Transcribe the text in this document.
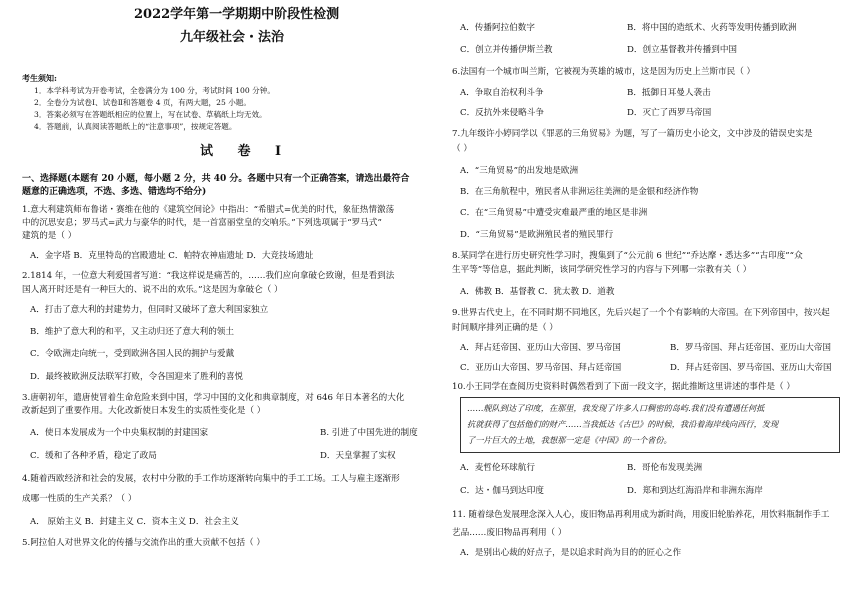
2022学年第一学期期中阶段性检测
九年级社会・法治
考生须知:
1．本学科考试为开卷考试，全卷满分为 100 分，考试时间 100 分钟。
2．全卷分为试卷Ⅰ、试卷Ⅱ和答题卷 4 页，有两大题，25 小题。
3．答案必须写在答题纸相应的位置上，写在试卷、草稿纸上均无效。
4．答题前，认真阅读答题纸上的“注意事项”，按规定答题。
试 卷 Ⅰ
一、选择题(本题有 20 小题，每小题 2 分，共 40 分。各题中只有一个正确答案，请选出最符合
题意的正确选项，不选、多选、错选均不给分)
1.意大利建筑师布鲁诺・赛维在他的《建筑空间论》中指出：“希腊式=优美的时代，象征热情激荡
中的沉思安息；罗马式=武力与豪华的时代，是一首富丽堂皇的交响乐。”下列选项属于“罗马式”
建筑的是（ ）
A．金字塔 B．克里特岛的宫殿遗址 C．帕特农神庙遗址 D．大竞技场遗址
2.1814 年，一位意大利爱国者写道：“我这样说是痛苦的，……我们应向拿破仑致谢，但是看到法
国人离开时还是有一种巨大的、说不出的欢乐。”这是因为拿破仑（ ）
A．打击了意大利的封建势力，但同时又破坏了意大利国家独立
B．维护了意大利的和平，又主动归还了意大利的领土
C．令欧洲走向统一，受到欧洲各国人民的拥护与爱戴
D．最终被欧洲反法联军打败，令各国迎来了胜利的喜悦
3.唐朝初年，遣唐使冒着生命危险来到中国，学习中国的文化和典章制度，对 646 年日本著名的大化
改新起到了重要作用。大化改新使日本发生的实质性变化是（ ）
A．使日本发展成为一个中央集权制的封建国家	B. 引进了中国先进的制度
C．缓和了各种矛盾，稳定了政局	D．天皇掌握了实权
4.随着西欧经济和社会的发展，农村中分散的手工作坊逐渐转向集中的手工工场。工人与雇主逐渐形
成哪一性质的生产关系？（ ）
A． 原始主义 B．封建主义 C．资本主义 D．社会主义
5.阿拉伯人对世界文化的传播与交流作出的重大贡献不包括（ ）
A．传播阿拉伯数字	B．将中国的造纸术、火药等发明传播到欧洲
C．创立并传播伊斯兰教	D．创立基督教并传播到中国
6.法国有一个城市叫兰斯，它被视为英雄的城市，这是因为历史上兰斯市民（ ）
A．争取自治权利斗争	B．抵御日耳曼人袭击
C．反抗外来侵略斗争	D．灭亡了西罗马帝国
7.九年级许小婷同学以《罪恶的三角贸易》为题，写了一篇历史小论文，文中涉及的错误史实是
（ ）
A．“三角贸易”的出发地是欧洲
B．在三角航程中，殖民者从非洲运往美洲的是金银和经济作物
C．在“三角贸易”中遭受灾难最严重的地区是非洲
D．“三角贸易”是欧洲殖民者的殖民罪行
8.某同学在进行历史研究性学习时，搜集到了“公元前 6 世纪”“乔达摩・悉达多”“古印度”“众
生平等”等信息，据此判断，该同学研究性学习的内容与下列哪一宗教有关（ ）
A．佛教 B．基督教 C．犹太教 D．道教
9.世界古代史上，在不同时期不同地区，先后兴起了一个个有影响的大帝国。在下列帝国中，按兴起
时间顺序排列正确的是（ ）
A．拜占廷帝国、亚历山大帝国、罗马帝国	B．罗马帝国、拜占廷帝国、亚历山大帝国
C．亚历山大帝国、罗马帝国、拜占廷帝国	D．拜占廷帝国、罗马帝国、亚历山大帝国
10.小王同学在查阅历史资料时偶然看到了下面一段文字，据此推断这里讲述的事件是（ ）
……舰队到达了印度，在那里，我发现了许多人口稠密的岛屿.我们没有遭遇任何抵
抗就获得了包括他们的财产……当我抵达《古巴》的时候，我沿着海岸线向西行，发现
了一片巨大的土地，我想那一定是《中国》的一个省份。
A．麦哲伦环球航行	B．哥伦布发现美洲
C．达・伽马到达印度	D．郑和到达红海沿岸和非洲东海岸
11. 随着绿色发展理念深入人心，废旧物品再利用成为新时尚，用废旧轮胎养花，用饮料瓶制作手工
艺品……废旧物品再利用（ ）
A．是别出心裁的好点子，是以追求时尚为目的的匠心之作
